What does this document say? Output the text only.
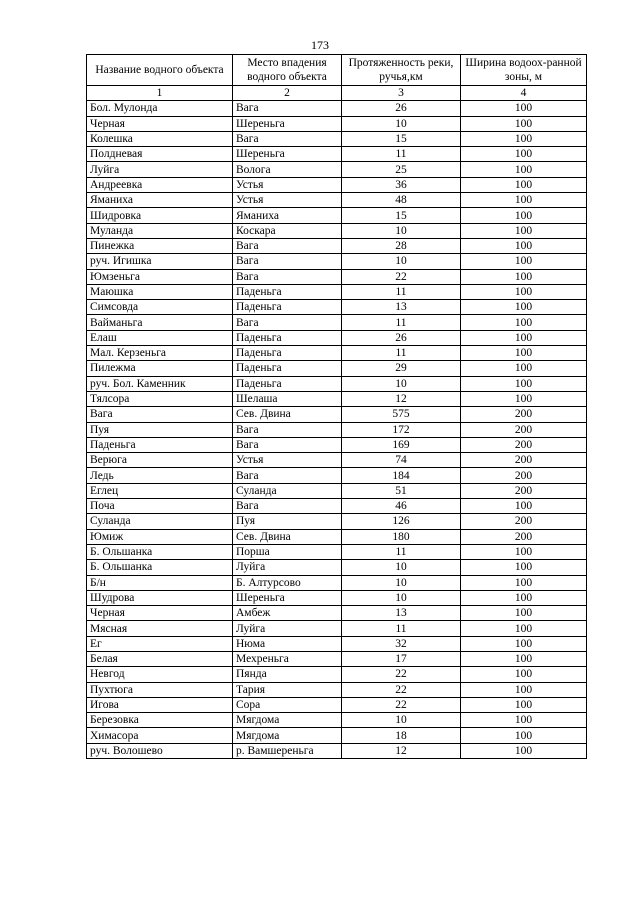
173
Название водного объекта	Место впадения водного объекта	Протяженность реки, ручья,км	Ширина водоох-ранной зоны, м
1	2	3	4
Бол. Мулонда	Вага	26	100
Черная	Шереньга	10	100
Колешка	Вага	15	100
Полдневая	Шереньга	11	100
Луйга	Вологa	25	100
Андреевка	Устья	36	100
Яманиха	Устья	48	100
Шидровка	Яманиха	15	100
Муланда	Коскара	10	100
Пинежка	Вага	28	100
руч. Игишка	Вага	10	100
Юмзеньга	Вага	22	100
Маюшка	Паденьга	11	100
Симсовда	Паденьга	13	100
Вайманьга	Вага	11	100
Елаш	Паденьга	26	100
Мал. Керзеньга	Паденьга	11	100
Пилежма	Паденьга	29	100
руч. Бол. Каменник	Паденьга	10	100
Тялсора	Шелаша	12	100
Вага	Сев. Двина	575	200
Пуя	Вага	172	200
Паденьга	Вага	169	200
Верюга	Устья	74	200
Ледь	Вага	184	200
Еглец	Суланда	51	200
Поча	Вага	46	100
Суланда	Пуя	126	200
Юмиж	Сев. Двина	180	200
Б. Ольшанка	Порша	11	100
Б. Ольшанка	Луйга	10	100
Б/н	Б. Алтурсово	10	100
Шудрова	Шереньга	10	100
Черная	Амбеж	13	100
Мясная	Луйга	11	100
Ег	Нюма	32	100
Белая	Мехреньга	17	100
Невгод	Пянда	22	100
Пухтюга	Тария	22	100
Игова	Сора	22	100
Березовка	Мягдома	10	100
Химасора	Мягдома	18	100
руч. Волошево	р. Вамшереньга	12	100
